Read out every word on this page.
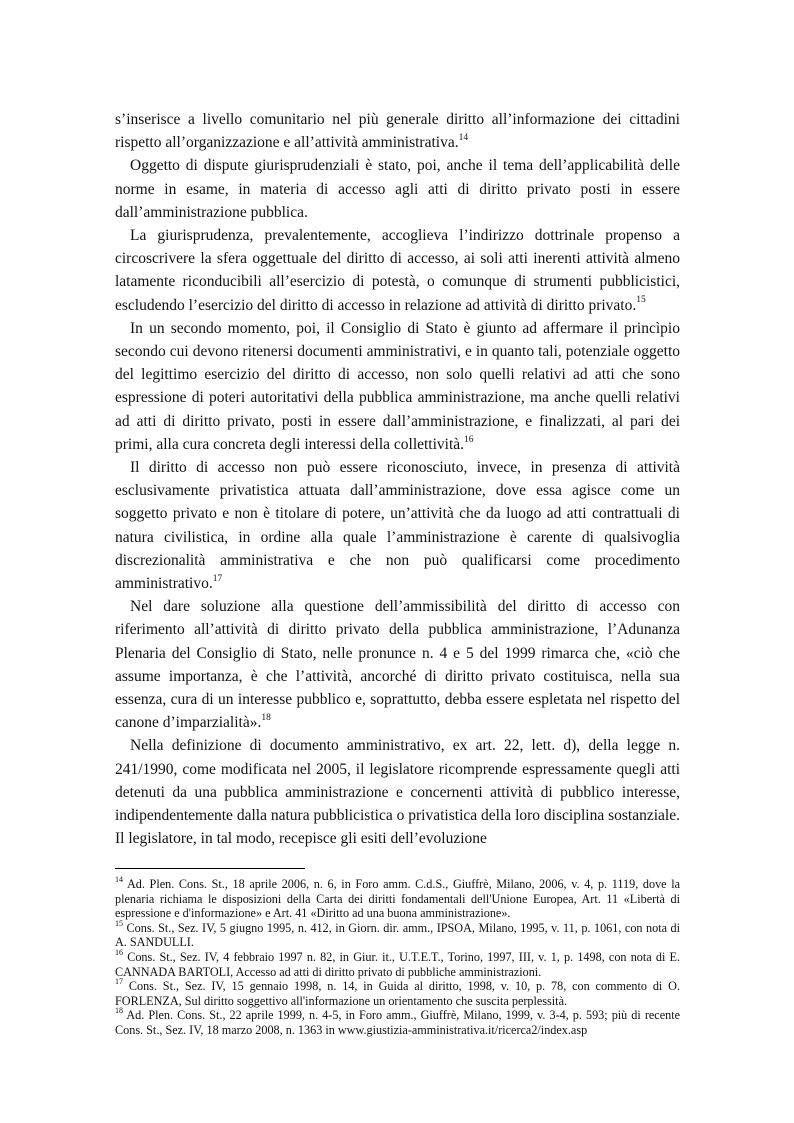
s’inserisce a livello comunitario nel più generale diritto all’informazione dei cittadini rispetto all’organizzazione e all’attività amministrativa.$^{14}$

Oggetto di dispute giurisprudenziali è stato, poi, anche il tema dell’applicabilità delle norme in esame, in materia di accesso agli atti di diritto privato posti in essere dall’amministrazione pubblica.

La giurisprudenza, prevalentemente, accoglieva l’indirizzo dottrinale propenso a circoscrivere la sfera oggettuale del diritto di accesso, ai soli atti inerenti attività almeno latamente riconducibili all’esercizio di potestà, o comunque di strumenti pubblicistici, escludendo l’esercizio del diritto di accesso in relazione ad attività di diritto privato.$^{15}$

In un secondo momento, poi, il Consiglio di Stato è giunto ad affermare il princìpio secondo cui devono ritenersi documenti amministrativi, e in quanto tali, potenziale oggetto del legittimo esercizio del diritto di accesso, non solo quelli relativi ad atti che sono espressione di poteri autoritativi della pubblica amministrazione, ma anche quelli relativi ad atti di diritto privato, posti in essere dall’amministrazione, e finalizzati, al pari dei primi, alla cura concreta degli interessi della collettività.$^{16}$

Il diritto di accesso non può essere riconosciuto, invece, in presenza di attività esclusivamente privatistica attuata dall’amministrazione, dove essa agisce come un soggetto privato e non è titolare di potere, un’attività che da luogo ad atti contrattuali di natura civilistica, in ordine alla quale l’amministrazione è carente di qualsivoglia discrezionalità amministrativa e che non può qualificarsi come procedimento amministrativo.$^{17}$

Nel dare soluzione alla questione dell’ammissibilità del diritto di accesso con riferimento all’attività di diritto privato della pubblica amministrazione, l’Adunanza Plenaria del Consiglio di Stato, nelle pronunce n. 4 e 5 del 1999 rimarca che, «ciò che assume importanza, è che l’attività, ancorché di diritto privato costituisca, nella sua essenza, cura di un interesse pubblico e, soprattutto, debba essere espletata nel rispetto del canone d’imparzialità».$^{18}$

Nella definizione di documento amministrativo, ex art. 22, lett. d), della legge n. 241/1990, come modificata nel 2005, il legislatore ricomprende espressamente quegli atti detenuti da una pubblica amministrazione e concernenti attività di pubblico interesse, indipendentemente dalla natura pubblicistica o privatistica della loro disciplina sostanziale. Il legislatore, in tal modo, recepisce gli esiti dell’evoluzione

$^{14}$ Ad. Plen. Cons. St., 18 aprile 2006, n. 6, in Foro amm. C.d.S., Giuffrè, Milano, 2006, v. 4, p. 1119, dove la plenaria richiama le disposizioni della Carta dei diritti fondamentali dell'Unione Europea, Art. 11 «Libertà di espressione e d'informazione» e Art. 41 «Diritto ad una buona amministrazione».

$^{15}$ Cons. St., Sez. IV, 5 giugno 1995, n. 412, in Giorn. dir. amm., IPSOA, Milano, 1995, v. 11, p. 1061, con nota di A. SANDULLI.

$^{16}$ Cons. St., Sez. IV, 4 febbraio 1997 n. 82, in Giur. it., U.T.E.T., Torino, 1997, III, v. 1, p. 1498, con nota di E. CANNADA BARTOLI, Accesso ad atti di diritto privato di pubbliche amministrazioni.

$^{17}$ Cons. St., Sez. IV, 15 gennaio 1998, n. 14, in Guida al diritto, 1998, v. 10, p. 78, con commento di O. FORLENZA, Sul diritto soggettivo all'informazione un orientamento che suscita perplessità.

$^{18}$ Ad. Plen. Cons. St., 22 aprile 1999, n. 4-5, in Foro amm., Giuffrè, Milano, 1999, v. 3-4, p. 593; più di recente Cons. St., Sez. IV, 18 marzo 2008, n. 1363 in www.giustizia-amministrativa.it/ricerca2/index.asp
